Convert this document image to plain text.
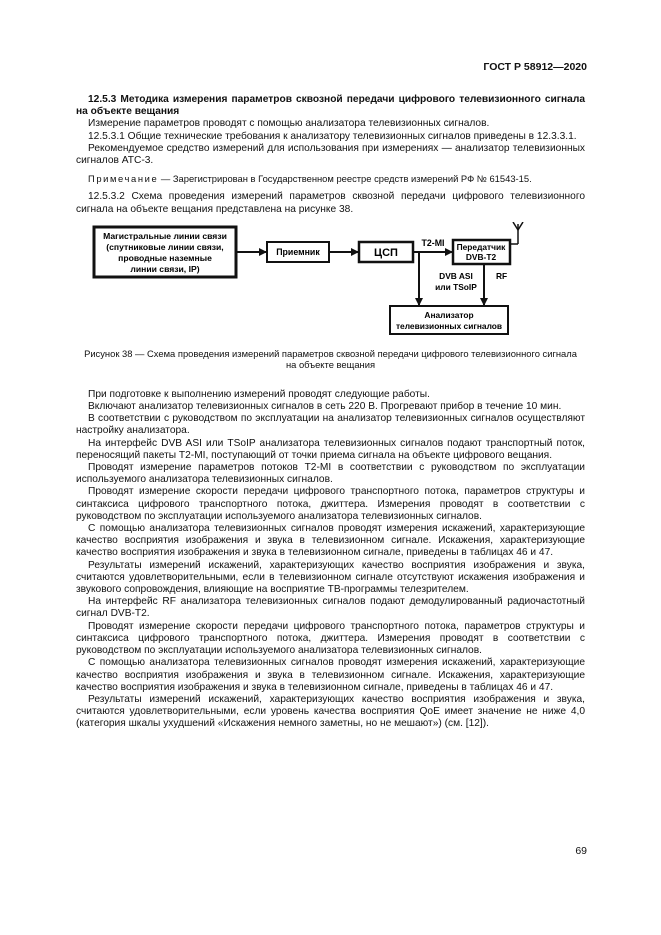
ГОСТ Р 58912—2020

12.5.3 Методика измерения параметров сквозной передачи цифрового телевизионного сигнала на объекте вещания

Измерение параметров проводят с помощью анализатора телевизионных сигналов.

12.5.3.1 Общие технические требования к анализатору телевизионных сигналов приведены в 12.3.3.1.

Рекомендуемое средство измерений для использования при измерениях — анализатор телевизионных сигналов АТС-3.

Примечание — Зарегистрирован в Государственном реестре средств измерений РФ № 61543-15.

12.5.3.2 Схема проведения измерений параметров сквозной передачи цифрового телевизионного сигнала на объекте вещания представлена на рисунке 38.

Магистральные линии связи
(спутниковые линии связи,
проводные наземные
линии связи, IP)
Приемник	ЦСП
T2-MI Передатчик
DVB-T2
DVB ASI
или TSoIP
RF
Анализатор
телевизионных сигналов

Рисунок 38 — Схема проведения измерений параметров сквозной передачи цифрового телевизионного сигнала
на объекте вещания

При подготовке к выполнению измерений проводят следующие работы.

Включают анализатор телевизионных сигналов в сеть 220 В. Прогревают прибор в течение 10 мин.

В соответствии с руководством по эксплуатации на анализатор телевизионных сигналов осуществляют настройку анализатора.

На интерфейс DVB ASI или TSoIP анализатора телевизионных сигналов подают транспортный поток, переносящий пакеты T2-MI, поступающий от точки приема сигнала на объекте цифрового вещания.

Проводят измерение параметров потоков T2-MI в соответствии с руководством по эксплуатации используемого анализатора телевизионных сигналов.

Проводят измерение скорости передачи цифрового транспортного потока, параметров структуры и синтаксиса цифрового транспортного потока, джиттера. Измерения проводят в соответствии с руководством по эксплуатации используемого анализатора телевизионных сигналов.

С помощью анализатора телевизионных сигналов проводят измерения искажений, характеризующие качество восприятия изображения и звука в телевизионном сигнале. Искажения, характеризующие качество восприятия изображения и звука в телевизионном сигнале, приведены в таблицах 46 и 47.

Результаты измерений искажений, характеризующих качество восприятия изображения и звука, считаются удовлетворительными, если в телевизионном сигнале отсутствуют искажения изображения и звукового сопровождения, влияющие на восприятие ТВ-программы телезрителем.

На интерфейс RF анализатора телевизионных сигналов подают демодулированный радиочастотный сигнал DVB-T2.

Проводят измерение скорости передачи цифрового транспортного потока, параметров структуры и синтаксиса цифрового транспортного потока, джиттера. Измерения проводят в соответствии с руководством по эксплуатации используемого анализатора телевизионных сигналов.

С помощью анализатора телевизионных сигналов проводят измерения искажений, характеризующие качество восприятия изображения и звука в телевизионном сигнале. Искажения, характеризующие качество восприятия изображения и звука в телевизионном сигнале, приведены в таблицах 46 и 47.

Результаты измерений искажений, характеризующих качество восприятия изображения и звука, считаются удовлетворительными, если уровень качества восприятия QoE имеет значение не ниже 4,0 (категория шкалы ухудшений «Искажения немного заметны, но не мешают») (см. [12]).

69
